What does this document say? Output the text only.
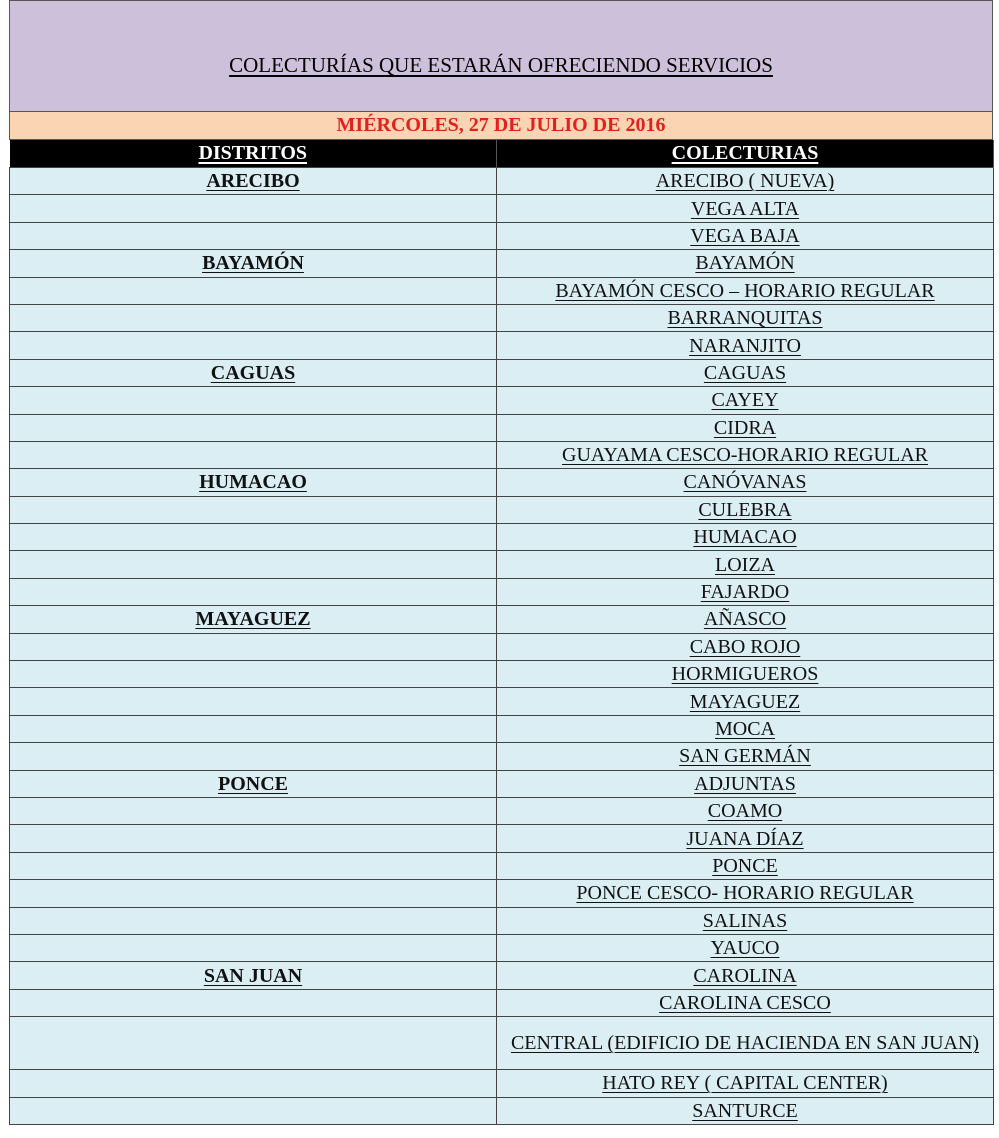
COLECTURÍAS QUE ESTARÁN OFRECIENDO SERVICIOS
MIÉRCOLES, 27 DE JULIO DE 2016
DISTRITOS	COLECTURIAS
ARECIBO	ARECIBO ( NUEVA)
	VEGA ALTA
	VEGA BAJA
BAYAMÓN	BAYAMÓN
	BAYAMÓN CESCO – HORARIO REGULAR
	BARRANQUITAS
	NARANJITO
CAGUAS	CAGUAS
	CAYEY
	CIDRA
	GUAYAMA CESCO-HORARIO REGULAR
HUMACAO	CANÓVANAS
	CULEBRA
	HUMACAO
	LOIZA
	FAJARDO
MAYAGUEZ	AÑASCO
	CABO ROJO
	HORMIGUEROS
	MAYAGUEZ
	MOCA
	SAN GERMÁN
PONCE	ADJUNTAS
	COAMO
	JUANA DÍAZ
	PONCE
	PONCE CESCO- HORARIO REGULAR
	SALINAS
	YAUCO
SAN JUAN	CAROLINA
	CAROLINA CESCO
	CENTRAL (EDIFICIO DE HACIENDA EN SAN JUAN)
	HATO REY ( CAPITAL CENTER)
	SANTURCE
